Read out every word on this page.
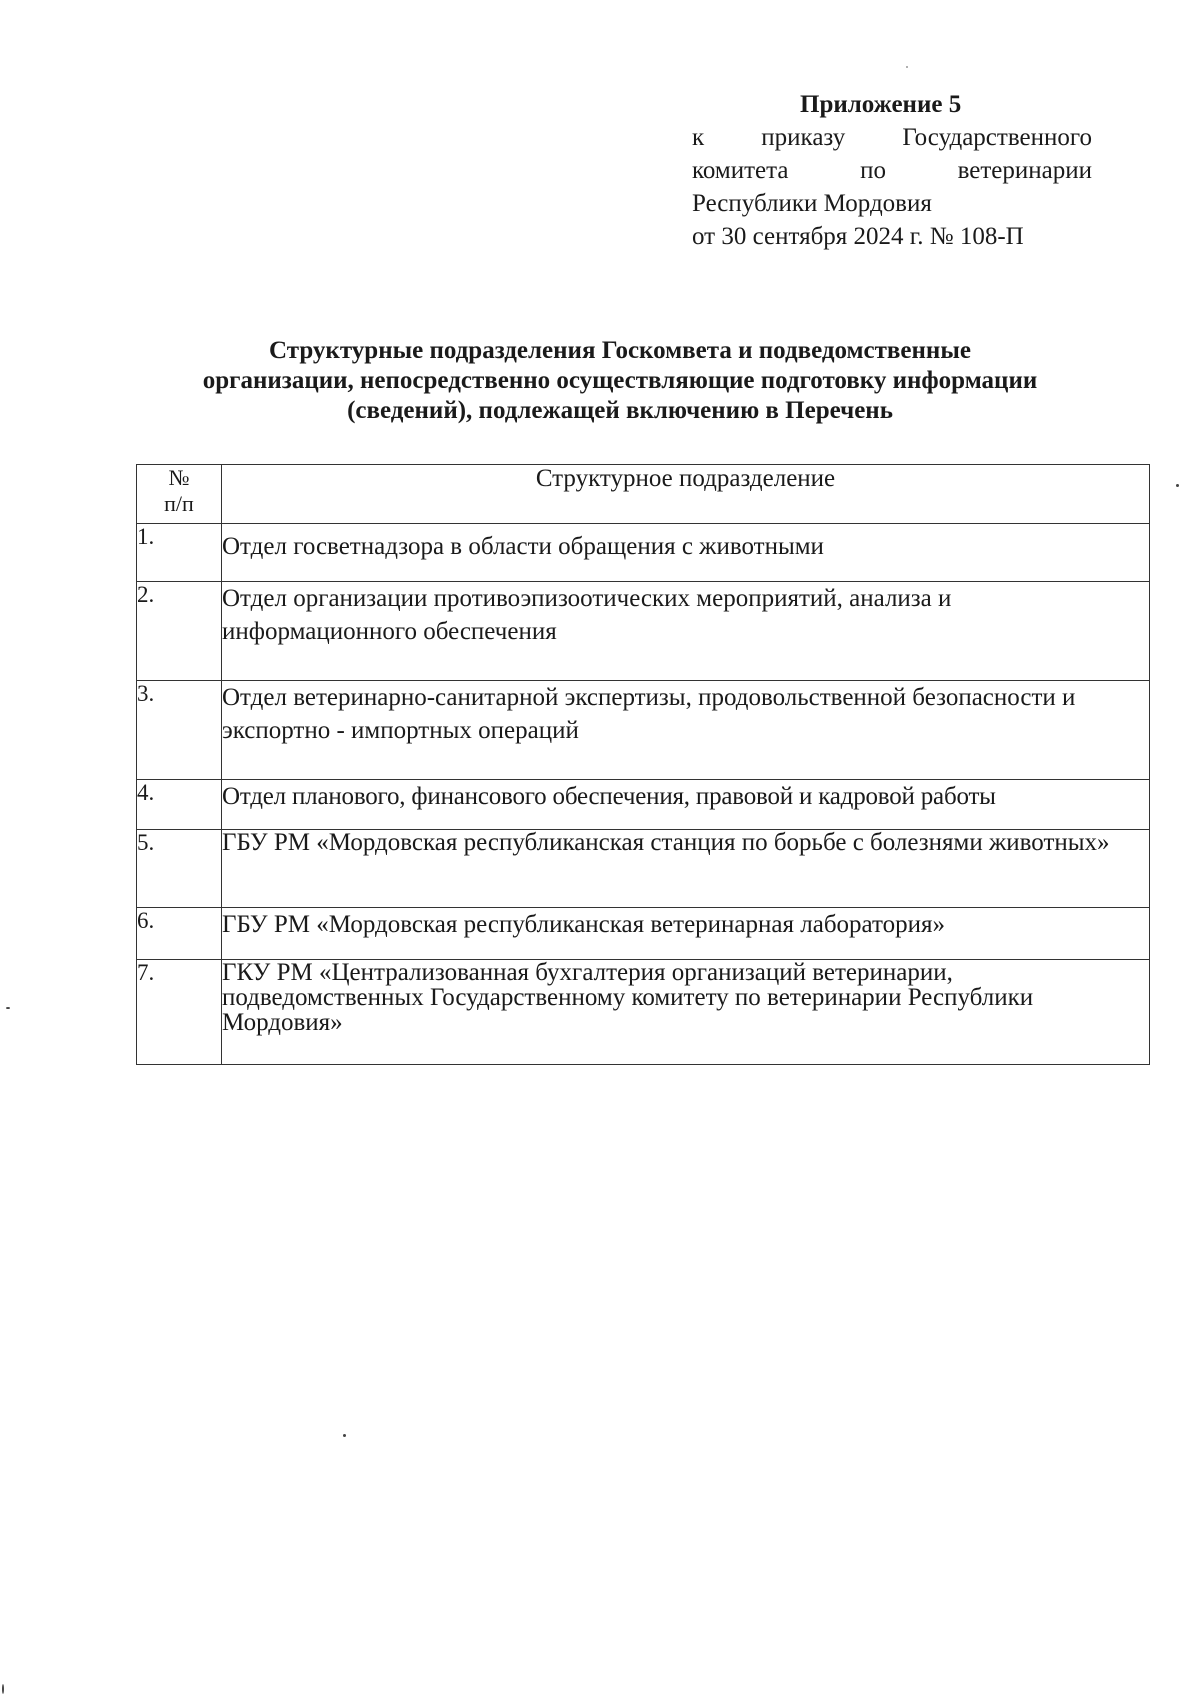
Приложение 5
к приказу Государственного
комитета	по	ветеринарии
Республики Мордовия
от 30 сентября 2024 г. № 108-П
Структурные подразделения Госкомвета и подведомственные
организации, непосредственно осуществляющие подготовку информации
(сведений), подлежащей включению в Перечень
№
п/п	Структурное подразделение
1.	Отдел госветнадзора в области обращения с животными
2.	Отдел организации противоэпизоотических мероприятий, анализа и информационного обеспечения
3.	Отдел ветеринарно-санитарной экспертизы, продовольственной безопасности и экспортно - импортных операций
4.	Отдел планового, финансового обеспечения, правовой и кадровой работы
5.	ГБУ РМ «Мордовская республиканская станция по борьбе с болезнями животных»
6.	ГБУ РМ «Мордовская республиканская ветеринарная лаборатория»
7.	ГКУ РМ «Централизованная бухгалтерия организаций ветеринарии, подведомственных Государственному комитету по ветеринарии Республики Мордовия»
